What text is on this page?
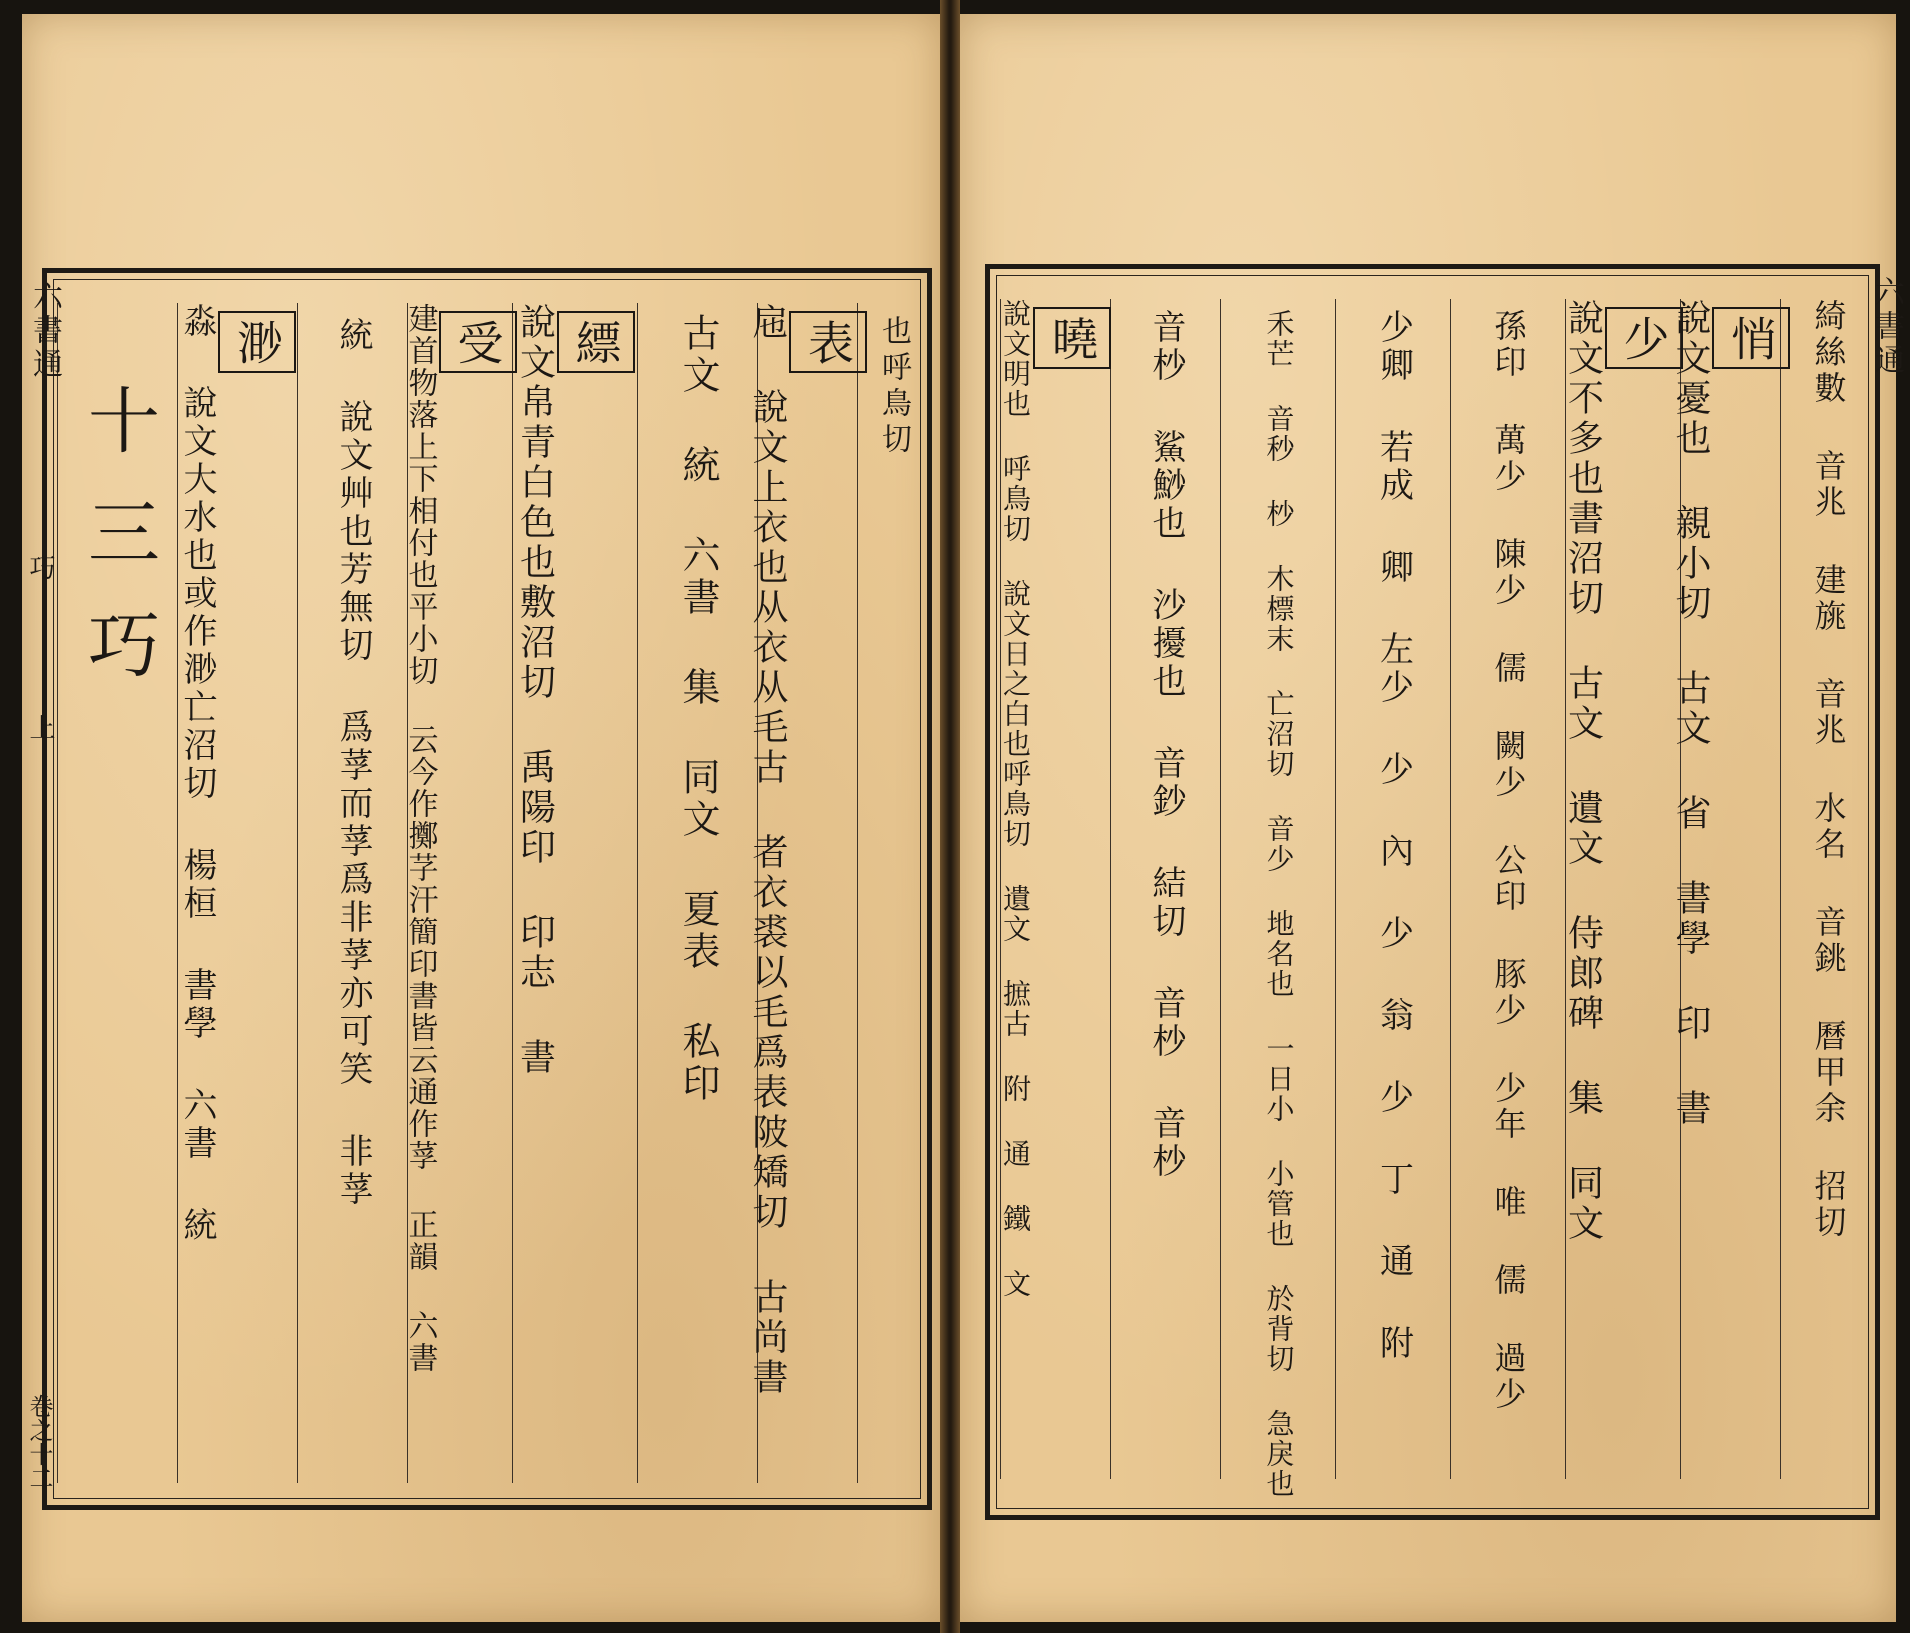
也呼鳥切
表
㦾 說文上衣也从衣从毛古 者衣裘以毛爲表陂矯切 古尚書
古文 統 六書 集 同文 夏表 私印
縹
說文帛青白色也敷沼切 禹陽印 印志 書
受
建首物落上下相付也平小切 云今作擲芓汗簡印書皆云通作莩 正韻 六書
統 說文艸也芳無切 爲莩而莩爲非莩亦可笑 非莩
渺
淼 說文大水也或作渺亡沼切 楊桓 書學 六書 統
十三巧
六書通
巧
上
卷之十二
綺絲數 音兆 建旐 音兆 水名 音銚 曆甲余 招切
悄
說文憂也 親小切 古文 省 書學 印 書
少
說文不多也書沼切 古文 遺文 侍郎碑 集 同文
孫印 萬少 陳少 儒 闕少 公印 豚少 少年 唯 儒 過少
少卿 若成 卿 左少 少 內 少 翁 少 丁 通 附
禾芒 音秒 杪 木標末 亡沼切 音少 地名也 一日小 小管也 於背切 急戾也
音杪 鯊鯋也 沙擾也 音鈔 結切 音杪 音杪
曉
說文明也 呼鳥切 說文日之白也呼鳥切 遺文 摭古 附 通 鐵 文	六書通
